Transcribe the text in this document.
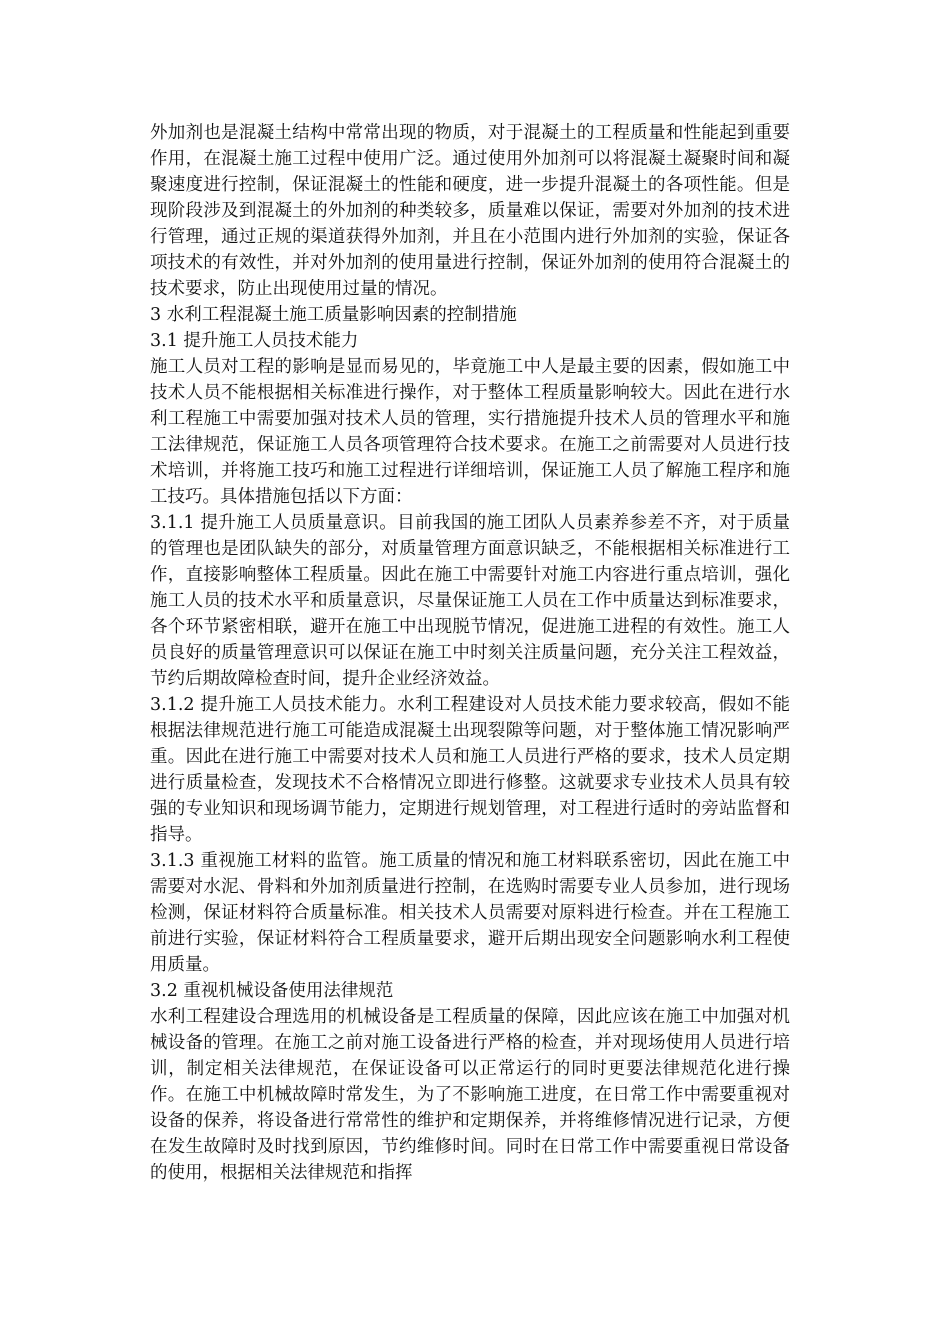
外加剂也是混凝土结构中常常出现的物质，对于混凝土的工程质量和性能起到重要作用，在混凝土施工过程中使用广泛。通过使用外加剂可以将混凝土凝聚时间和凝聚速度进行控制，保证混凝土的性能和硬度，进一步提升混凝土的各项性能。但是现阶段涉及到混凝土的外加剂的种类较多，质量难以保证，需要对外加剂的技术进行管理，通过正规的渠道获得外加剂，并且在小范围内进行外加剂的实验，保证各项技术的有效性，并对外加剂的使用量进行控制，保证外加剂的使用符合混凝土的技术要求，防止出现使用过量的情况。

3 水利工程混凝土施工质量影响因素的控制措施

3.1 提升施工人员技术能力

施工人员对工程的影响是显而易见的，毕竟施工中人是最主要的因素，假如施工中技术人员不能根据相关标准进行操作，对于整体工程质量影响较大。因此在进行水利工程施工中需要加强对技术人员的管理，实行措施提升技术人员的管理水平和施工法律规范，保证施工人员各项管理符合技术要求。在施工之前需要对人员进行技术培训，并将施工技巧和施工过程进行详细培训，保证施工人员了解施工程序和施工技巧。具体措施包括以下方面：

3.1.1 提升施工人员质量意识。目前我国的施工团队人员素养参差不齐，对于质量的管理也是团队缺失的部分，对质量管理方面意识缺乏，不能根据相关标准进行工作，直接影响整体工程质量。因此在施工中需要针对施工内容进行重点培训，强化施工人员的技术水平和质量意识，尽量保证施工人员在工作中质量达到标准要求，各个环节紧密相联，避开在施工中出现脱节情况，促进施工进程的有效性。施工人员良好的质量管理意识可以保证在施工中时刻关注质量问题，充分关注工程效益，节约后期故障检查时间，提升企业经济效益。

3.1.2 提升施工人员技术能力。水利工程建设对人员技术能力要求较高，假如不能根据法律规范进行施工可能造成混凝土出现裂隙等问题，对于整体施工情况影响严重。因此在进行施工中需要对技术人员和施工人员进行严格的要求，技术人员定期进行质量检查，发现技术不合格情况立即进行修整。这就要求专业技术人员具有较强的专业知识和现场调节能力，定期进行规划管理，对工程进行适时的旁站监督和指导。

3.1.3 重视施工材料的监管。施工质量的情况和施工材料联系密切，因此在施工中需要对水泥、骨料和外加剂质量进行控制，在选购时需要专业人员参加，进行现场检测，保证材料符合质量标准。相关技术人员需要对原料进行检查。并在工程施工前进行实验，保证材料符合工程质量要求，避开后期出现安全问题影响水利工程使用质量。

3.2 重视机械设备使用法律规范

水利工程建设合理选用的机械设备是工程质量的保障，因此应该在施工中加强对机械设备的管理。在施工之前对施工设备进行严格的检查，并对现场使用人员进行培训，制定相关法律规范，在保证设备可以正常运行的同时更要法律规范化进行操作。在施工中机械故障时常发生，为了不影响施工进度，在日常工作中需要重视对设备的保养，将设备进行常常性的维护和定期保养，并将维修情况进行记录，方便在发生故障时及时找到原因，节约维修时间。同时在日常工作中需要重视日常设备的使用，根据相关法律规范和指挥
